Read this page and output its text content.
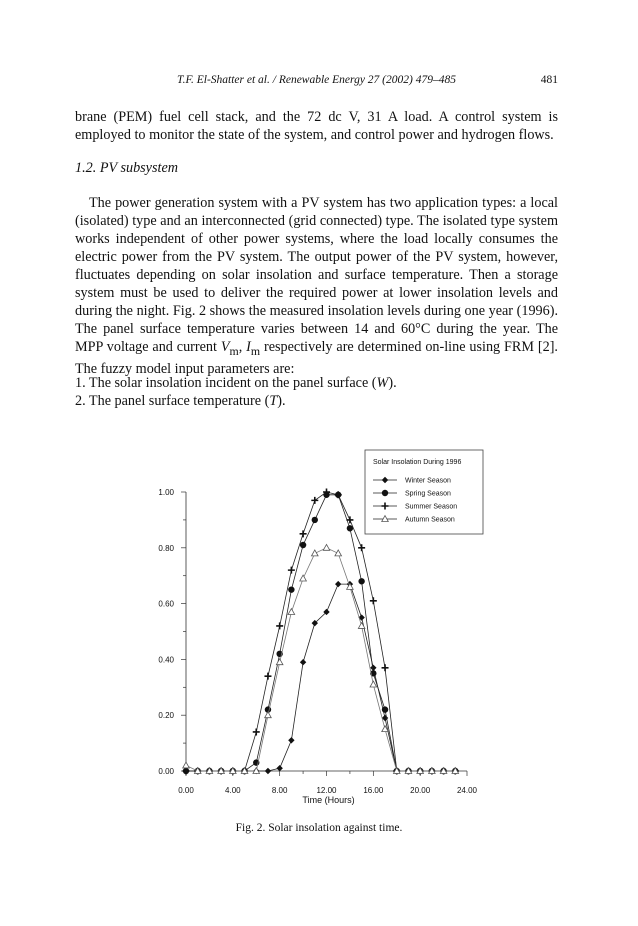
T.F. El-Shatter et al. / Renewable Energy 27 (2002) 479–485	481

brane (PEM) fuel cell stack, and the 72 dc V, 31 A load. A control system is employed to monitor the state of the system, and control power and hydrogen flows.

1.2. PV subsystem

The power generation system with a PV system has two application types: a local (isolated) type and an interconnected (grid connected) type. The isolated type system works independent of other power systems, where the load locally consumes the electric power from the PV system. The output power of the PV system, however, fluctuates depending on solar insolation and surface temperature. Then a storage system must be used to deliver the required power at lower insolation levels and during the night. Fig. 2 shows the measured insolation levels during one year (1996). The panel surface temperature varies between 14 and 60°C during the year. The MPP voltage and current $V_m$, $I_m$ respectively are determined on-line using FRM [2]. The fuzzy model input parameters are:

1. The solar insolation incident on the panel surface (W).
2. The panel surface temperature (T).
0.00
0.20
0.40
0.60
0.80
1.00
0.00	4.00	8.00	12.00	16.00	20.00	24.00
Time (Hours)
Solar Insolation During 1996
Winter Season
Spring Season
Summer Season
Autumn Season
Fig. 2. Solar insolation against time.
